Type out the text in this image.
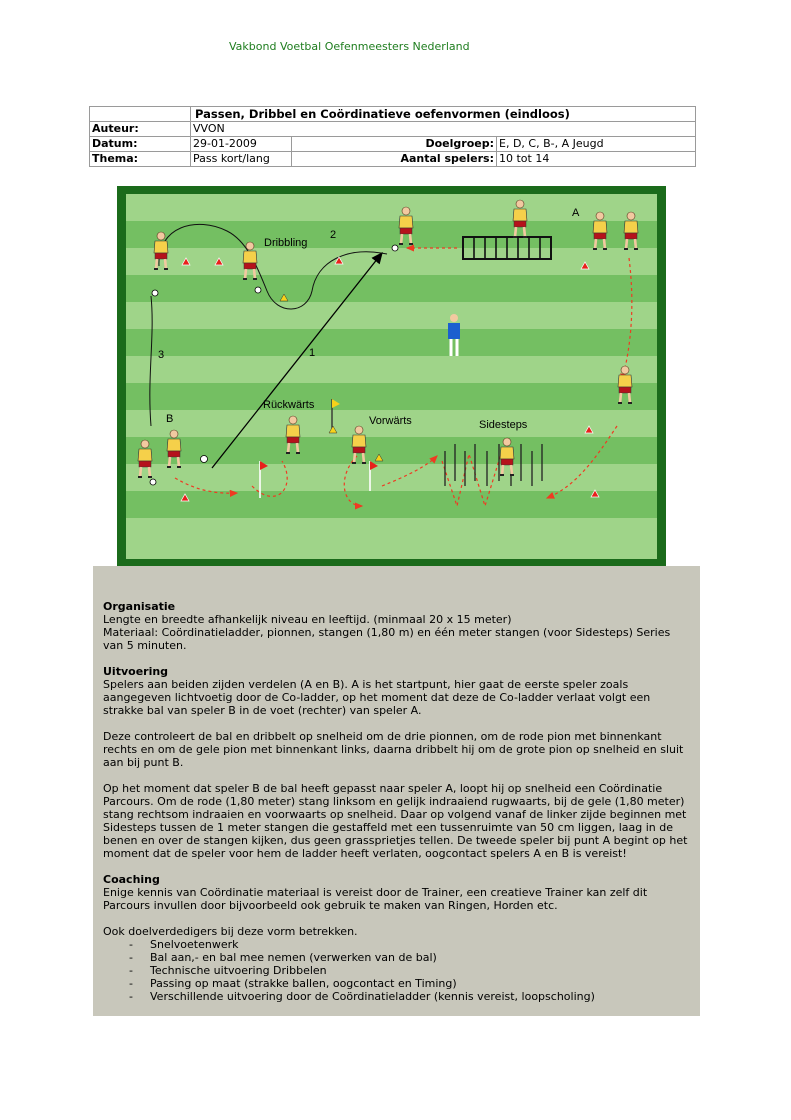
Vakbond Voetbal Oefenmeesters Nederland
	Passen, Dribbel en Coördinatieve oefenvormen (eindloos)		
Auteur:	VVON		
Datum:	29-01-2009	Doelgroep:	E, D, C, B-, A Jeugd
Thema:	Pass kort/lang	Aantal spelers:	10 tot 14
Dribbling
2
1
3
A
B
Rückwärts
Vorwärts	Sidesteps
Organisatie
Lengte en breedte afhankelijk niveau en leeftijd. (minmaal 20 x 15 meter)

Materiaal: Coördinatieladder, pionnen, stangen (1,80 m) en één meter stangen (voor Sidesteps) Series van 5 minuten.

Uitvoering

Spelers aan beiden zijden verdelen (A en B). A is het startpunt, hier gaat de eerste speler zoals aangegeven lichtvoetig door de Co-ladder, op het moment dat deze de Co-ladder verlaat volgt een strakke bal van speler B in de voet (rechter) van speler A.

Deze controleert de bal en dribbelt op snelheid om de drie pionnen, om de rode pion met binnenkant rechts en om de gele pion met binnenkant links, daarna dribbelt hij om de grote pion op snelheid en sluit aan bij punt B.

Op het moment dat speler B de bal heeft gepasst naar speler A, loopt hij op snelheid een Coördinatie Parcours. Om de rode (1,80 meter) stang linksom en gelijk indraaiend rugwaarts, bij de gele (1,80 meter) stang rechtsom indraaien en voorwaarts op snelheid. Daar op volgend vanaf de linker zijde beginnen met Sidesteps tussen de 1 meter stangen die gestaffeld met een tussenruimte van 50 cm liggen, laag in de benen en over de stangen kijken, dus geen grassprietjes tellen. De tweede speler bij punt A begint op het moment dat de speler voor hem de ladder heeft verlaten, oogcontact spelers A en B is vereist!

Coaching

Enige kennis van Coördinatie materiaal is vereist door de Trainer, een creatieve Trainer kan zelf dit Parcours invullen door bijvoorbeeld ook gebruik te maken van Ringen, Horden etc.

Ook doelverdedigers bij deze vorm betrekken.
- Snelvoetenwerk
- Bal aan,- en bal mee nemen (verwerken van de bal)
- Technische uitvoering Dribbelen
- Passing op maat (strakke ballen, oogcontact en Timing)
- Verschillende uitvoering door de Coördinatieladder (kennis vereist, loopscholing)
